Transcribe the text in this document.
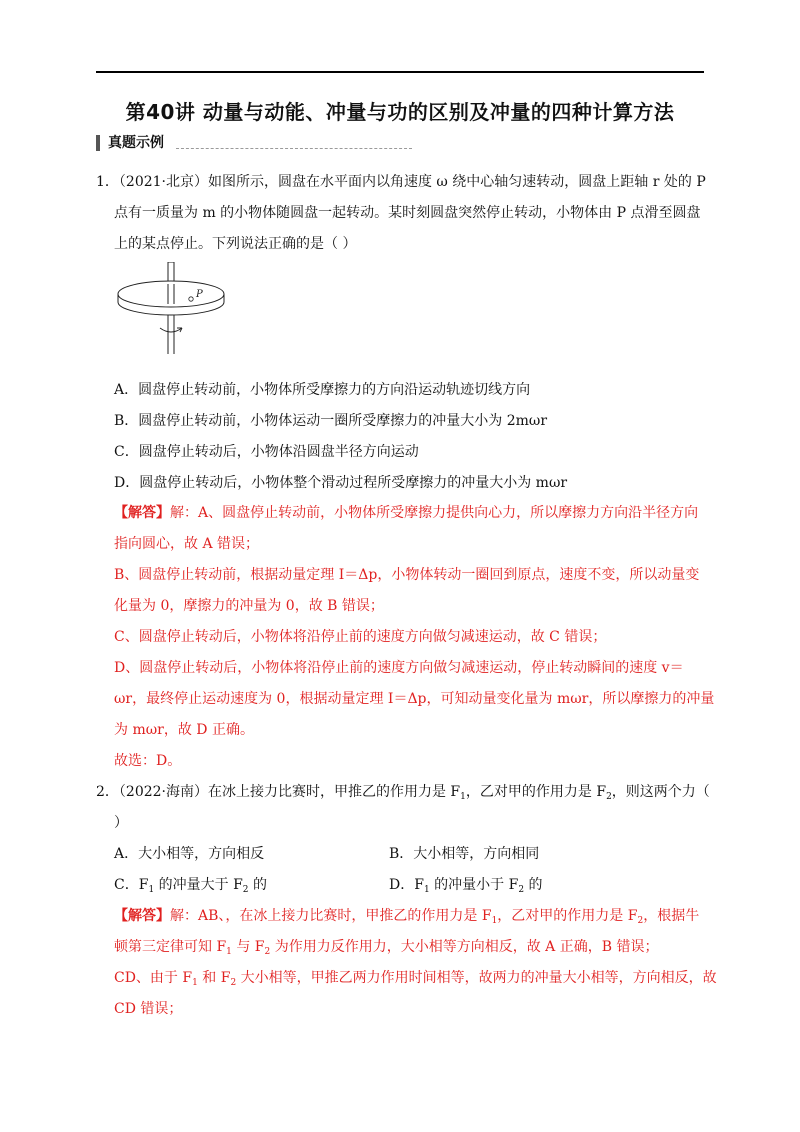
第40讲 动量与动能、冲量与功的区别及冲量的四种计算方法
真题示例
1．（2021·北京）如图所示，圆盘在水平面内以角速度 ω 绕中心轴匀速转动，圆盘上距轴 r 处的 P
点有一质量为 m 的小物体随圆盘一起转动。某时刻圆盘突然停止转动，小物体由 P 点滑至圆盘
上的某点停止。下列说法正确的是（ ）
P
A．圆盘停止转动前，小物体所受摩擦力的方向沿运动轨迹切线方向
B．圆盘停止转动前，小物体运动一圈所受摩擦力的冲量大小为 2mωr
C．圆盘停止转动后，小物体沿圆盘半径方向运动
D．圆盘停止转动后，小物体整个滑动过程所受摩擦力的冲量大小为 mωr
【解答】解：A、圆盘停止转动前，小物体所受摩擦力提供向心力，所以摩擦力方向沿半径方向
指向圆心，故 A 错误；
B、圆盘停止转动前，根据动量定理 I＝Δp，小物体转动一圈回到原点，速度不变，所以动量变
化量为 0，摩擦力的冲量为 0，故 B 错误；
C、圆盘停止转动后，小物体将沿停止前的速度方向做匀减速运动，故 C 错误；
D、圆盘停止转动后，小物体将沿停止前的速度方向做匀减速运动，停止转动瞬间的速度 v＝
ωr，最终停止运动速度为 0，根据动量定理 I＝Δp，可知动量变化量为 mωr，所以摩擦力的冲量
为 mωr，故 D 正确。
故选：D。
2．（2022·海南）在冰上接力比赛时，甲推乙的作用力是 $F_1$，乙对甲的作用力是 $F_2$，则这两个力（
）
A．大小相等，方向相反	B．大小相等，方向相同
C．$F_1$ 的冲量大于 $F_2$ 的	D．$F_1$ 的冲量小于 $F_2$ 的
【解答】解：AB、，在冰上接力比赛时，甲推乙的作用力是 $F_1$，乙对甲的作用力是 $F_2$，根据牛
顿第三定律可知 $F_1$ 与 $F_2$ 为作用力反作用力，大小相等方向相反，故 A 正确，B 错误；
CD、由于 $F_1$ 和 $F_2$ 大小相等，甲推乙两力作用时间相等，故两力的冲量大小相等，方向相反，故
CD 错误；
